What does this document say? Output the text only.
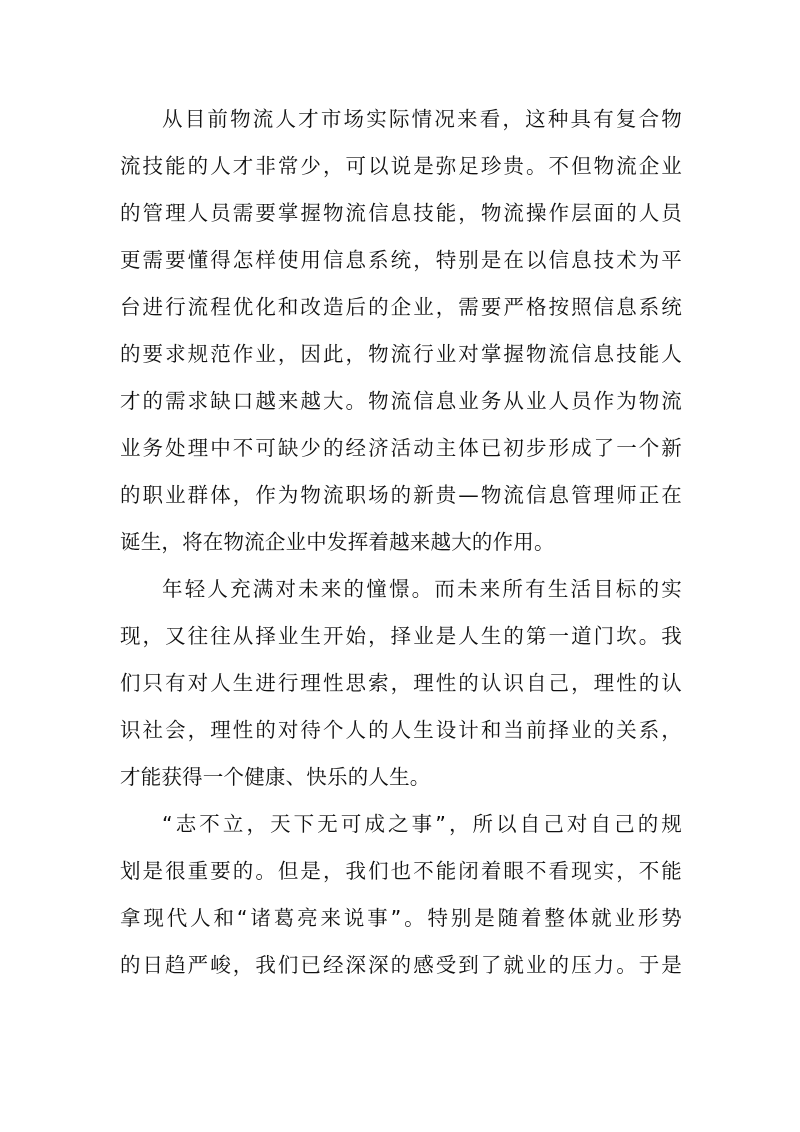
从目前物流人才市场实际情况来看，这种具有复合物
流技能的人才非常少，可以说是弥足珍贵。不但物流企业
的管理人员需要掌握物流信息技能，物流操作层面的人员
更需要懂得怎样使用信息系统，特别是在以信息技术为平
台进行流程优化和改造后的企业，需要严格按照信息系统
的要求规范作业，因此，物流行业对掌握物流信息技能人
才的需求缺口越来越大。物流信息业务从业人员作为物流
业务处理中不可缺少的经济活动主体已初步形成了一个新
的职业群体，作为物流职场的新贵—物流信息管理师正在
诞生，将在物流企业中发挥着越来越大的作用。
年轻人充满对未来的憧憬。而未来所有生活目标的实
现，又往往从择业生开始，择业是人生的第一道门坎。我
们只有对人生进行理性思索，理性的认识自己，理性的认
识社会，理性的对待个人的人生设计和当前择业的关系，
才能获得一个健康、快乐的人生。
“志不立，天下无可成之事”，所以自己对自己的规
划是很重要的。但是，我们也不能闭着眼不看现实，不能
拿现代人和“诸葛亮来说事”。特别是随着整体就业形势
的日趋严峻，我们已经深深的感受到了就业的压力。于是
